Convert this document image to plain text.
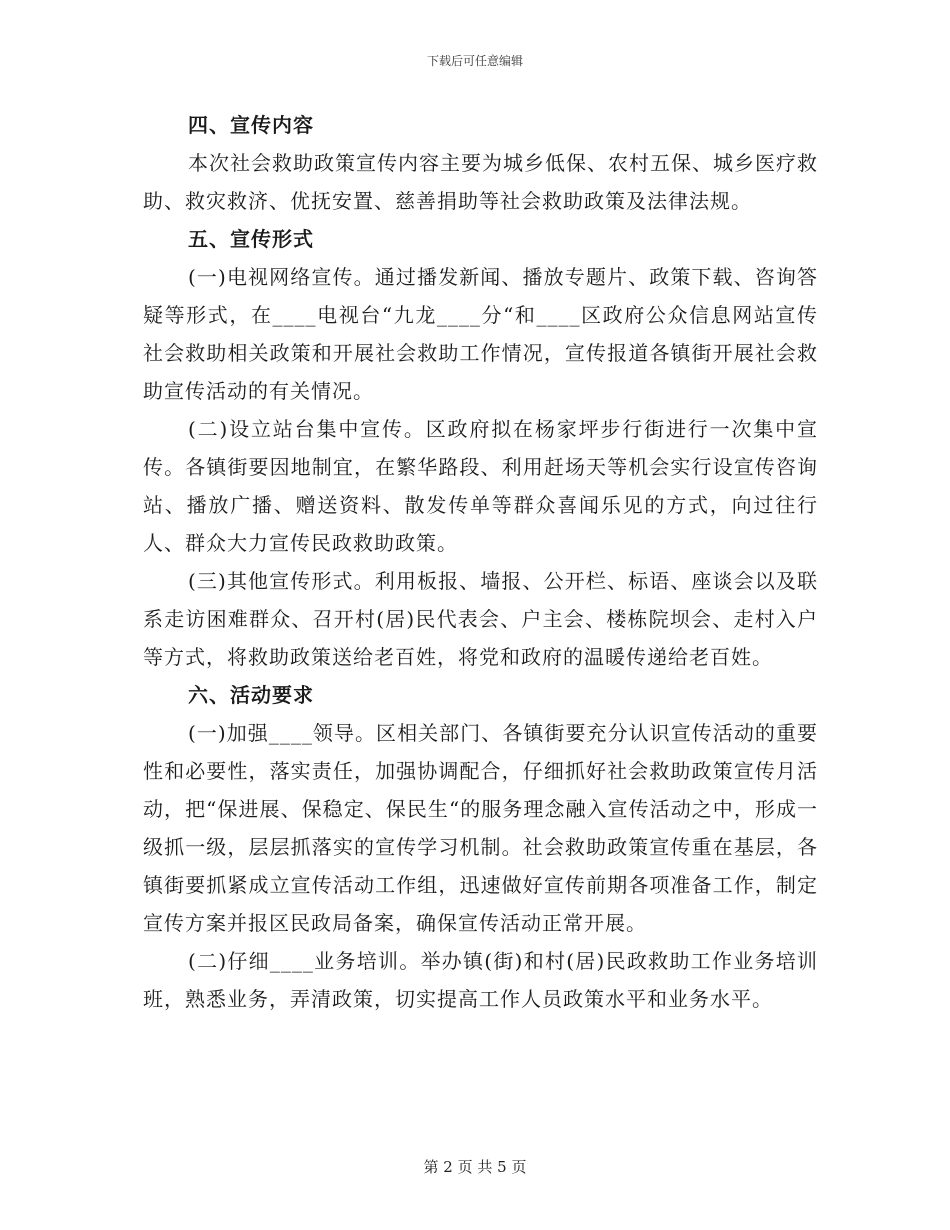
下载后可任意编辑

四、宣传内容

本次社会救助政策宣传内容主要为城乡低保、农村五保、城乡医疗救助、救灾救济、优抚安置、慈善捐助等社会救助政策及法律法规。

五、宣传形式

(一)电视网络宣传。通过播发新闻、播放专题片、政策下载、咨询答疑等形式，在____电视台“九龙____分“和____区政府公众信息网站宣传社会救助相关政策和开展社会救助工作情况，宣传报道各镇街开展社会救助宣传活动的有关情况。

(二)设立站台集中宣传。区政府拟在杨家坪步行街进行一次集中宣传。各镇街要因地制宜，在繁华路段、利用赶场天等机会实行设宣传咨询站、播放广播、赠送资料、散发传单等群众喜闻乐见的方式，向过往行人、群众大力宣传民政救助政策。

(三)其他宣传形式。利用板报、墙报、公开栏、标语、座谈会以及联系走访困难群众、召开村(居)民代表会、户主会、楼栋院坝会、走村入户等方式，将救助政策送给老百姓，将党和政府的温暖传递给老百姓。

六、活动要求

(一)加强____领导。区相关部门、各镇街要充分认识宣传活动的重要性和必要性，落实责任，加强协调配合，仔细抓好社会救助政策宣传月活动，把“保进展、保稳定、保民生“的服务理念融入宣传活动之中，形成一级抓一级，层层抓落实的宣传学习机制。社会救助政策宣传重在基层，各镇街要抓紧成立宣传活动工作组，迅速做好宣传前期各项准备工作，制定宣传方案并报区民政局备案，确保宣传活动正常开展。

(二)仔细____业务培训。举办镇(街)和村(居)民政救助工作业务培训班，熟悉业务，弄清政策，切实提高工作人员政策水平和业务水平。

第 2 页 共 5 页
